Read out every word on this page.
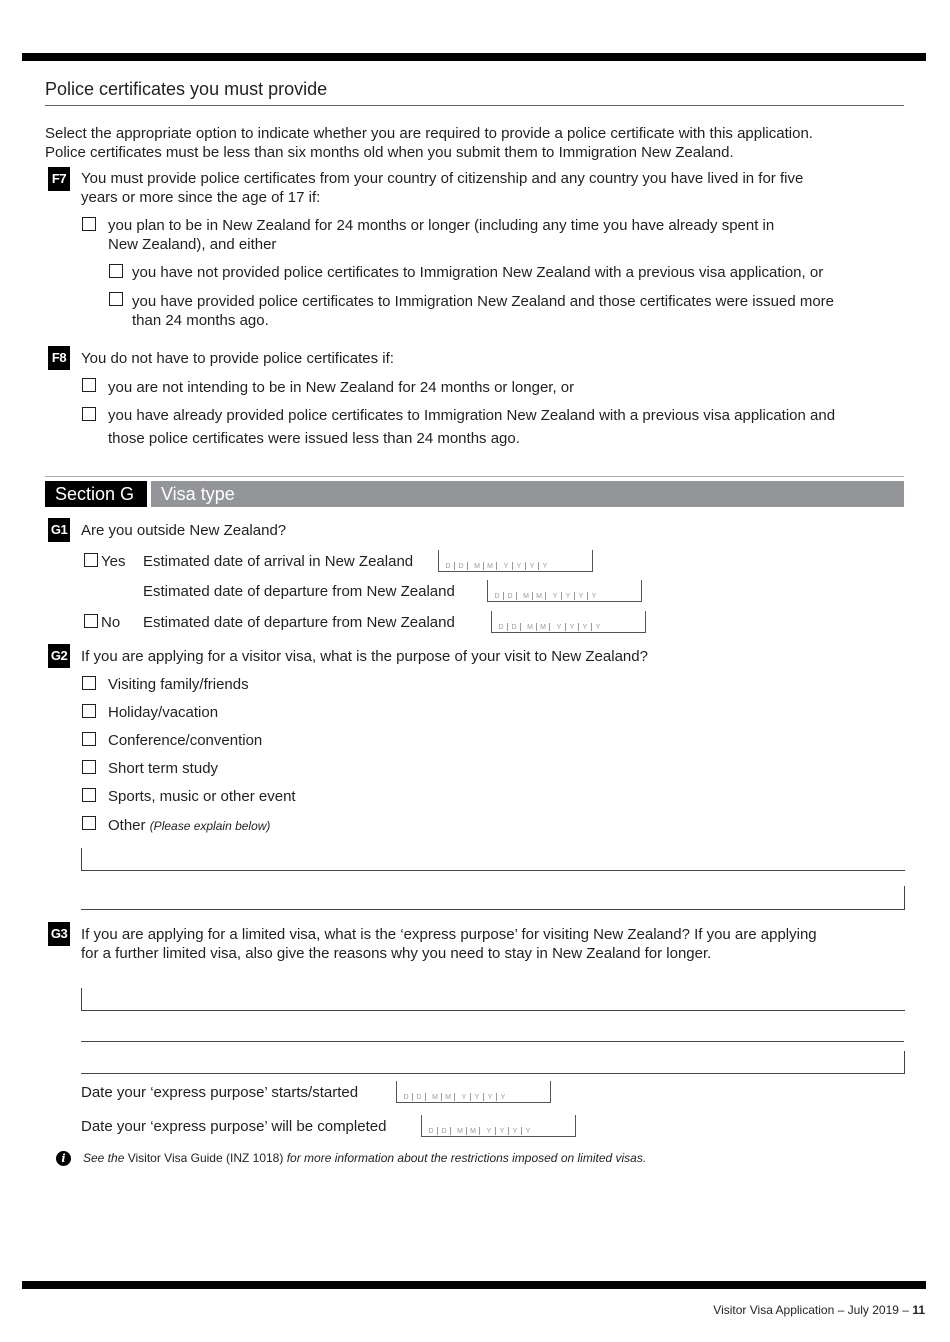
Police certificates you must provide
Select the appropriate option to indicate whether you are required to provide a police certificate with this application.
Police certificates must be less than six months old when you submit them to Immigration New Zealand.
F7 You must provide police certificates from your country of citizenship and any country you have lived in for five
years or more since the age of 17 if:
you plan to be in New Zealand for 24 months or longer (including any time you have already spent in
New Zealand), and either
you have not provided police certificates to Immigration New Zealand with a previous visa application, or
you have provided police certificates to Immigration New Zealand and those certificates were issued more
than 24 months ago.
F8 You do not have to provide police certificates if:
you are not intending to be in New Zealand for 24 months or longer, or
you have already provided police certificates to Immigration New Zealand with a previous visa application and
those police certificates were issued less than 24 months ago.
Section G	Visa type
G1 Are you outside New Zealand?
Yes Estimated date of arrival in New Zealand	D	D	M	M	Y	Y	Y	Y
Estimated date of departure from New Zealand	D	D	M	M	Y	Y	Y	Y
No Estimated date of departure from New Zealand	D	D	M	M	Y	Y	Y	Y
G2 If you are applying for a visitor visa, what is the purpose of your visit to New Zealand?
Visiting family/friends
Holiday/vacation
Conference/convention
Short term study
Sports, music or other event
Other (Please explain below)
G3 If you are applying for a limited visa, what is the ‘express purpose’ for visiting New Zealand? If you are applying
for a further limited visa, also give the reasons why you need to stay in New Zealand for longer.
Date your ‘express purpose’ starts/started	D	D	M	M	Y	Y	Y	Y
Date your ‘express purpose’ will be completed	D	D	M	M	Y	Y	Y	Y
i	See the Visitor Visa Guide (INZ 1018) for more information about the restrictions imposed on limited visas.
Visitor Visa Application – July 2019 – 11
